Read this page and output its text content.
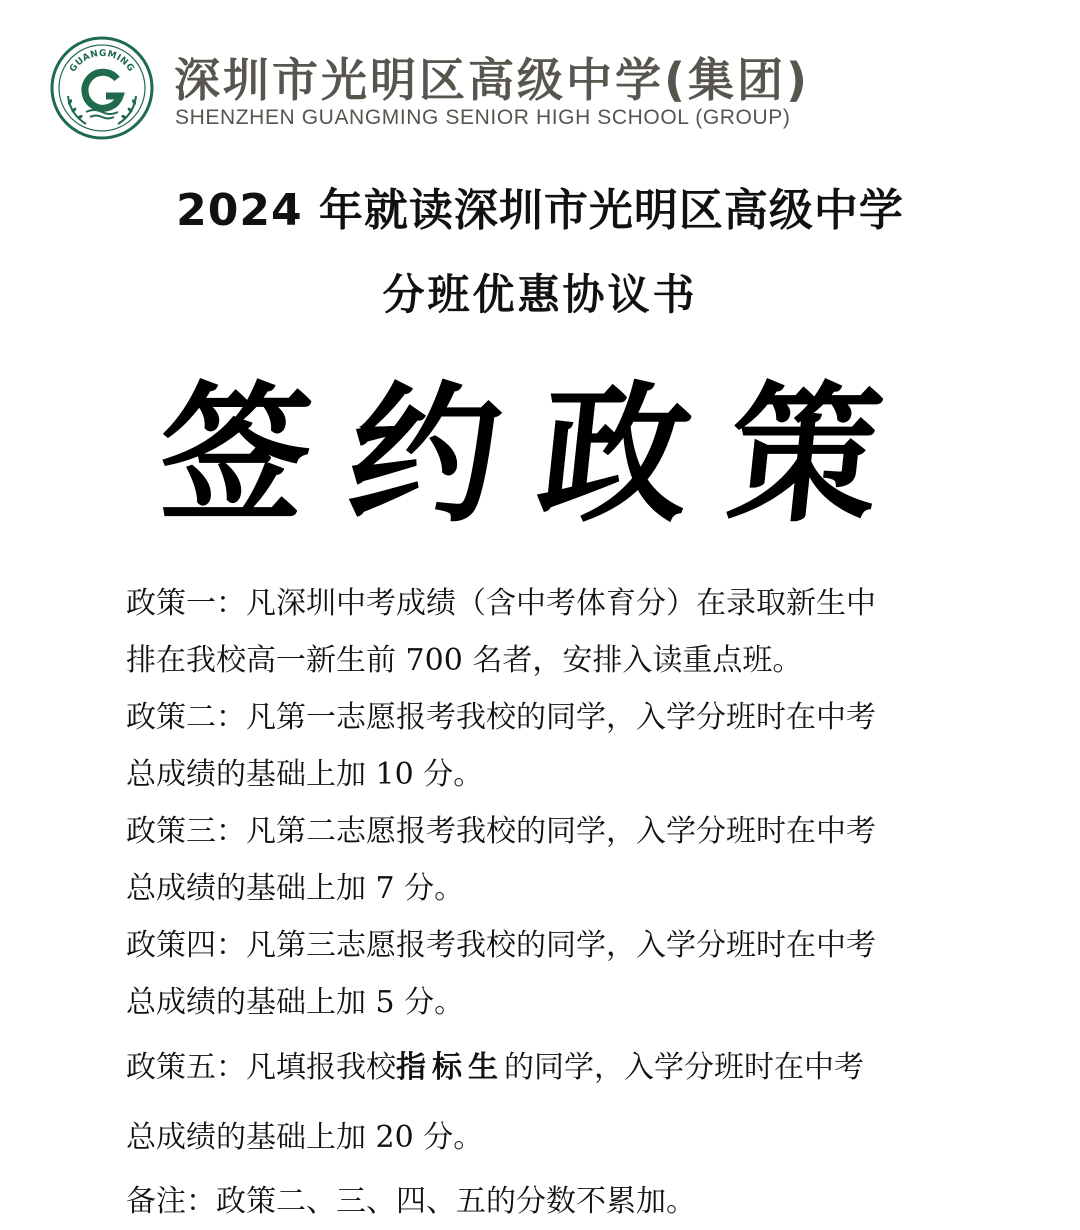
GUANGMING 深圳市光明区高级中学(集团)
SHENZHEN GUANGMING SENIOR HIGH SCHOOL (GROUP)
2024 年就读深圳市光明区高级中学
分班优惠协议书
签约政策
政策一：凡深圳中考成绩（含中考体育分）在录取新生中
排在我校高一新生前 700 名者，安排入读重点班。
政策二：凡第一志愿报考我校的同学，入学分班时在中考
总成绩的基础上加 10 分。
政策三：凡第二志愿报考我校的同学，入学分班时在中考
总成绩的基础上加 7 分。
政策四：凡第三志愿报考我校的同学，入学分班时在中考
总成绩的基础上加 5 分。
政策五：凡填报我校指标生的同学，入学分班时在中考
总成绩的基础上加 20 分。
备注：政策二、三、四、五的分数不累加。
